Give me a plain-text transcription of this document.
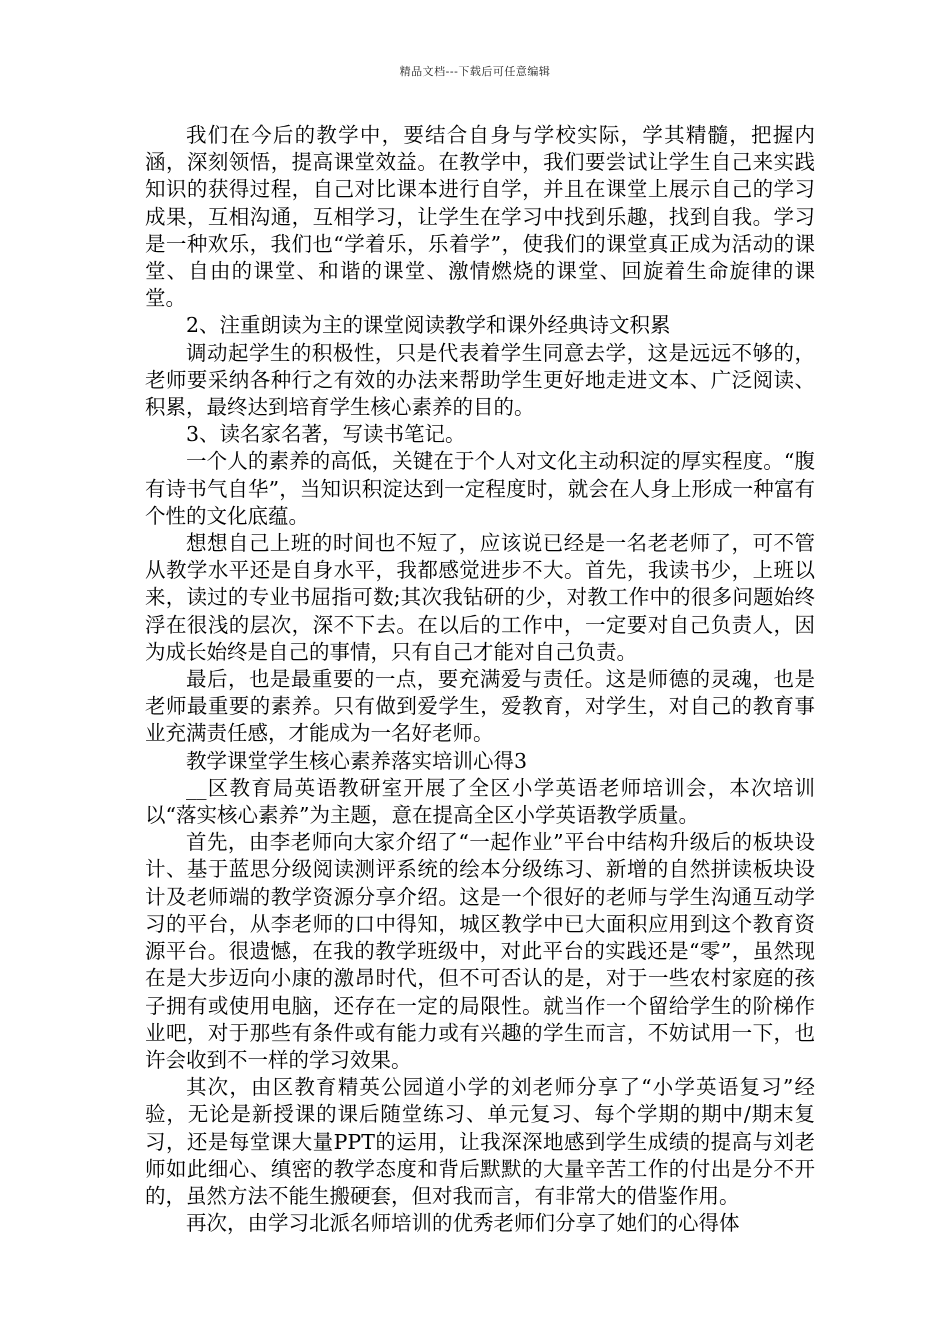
精品文档---下载后可任意编辑

我们在今后的教学中，要结合自身与学校实际，学其精髓，把握内涵，深刻领悟，提高课堂效益。在教学中，我们要尝试让学生自己来实践知识的获得过程，自己对比课本进行自学，并且在课堂上展示自己的学习成果，互相沟通，互相学习，让学生在学习中找到乐趣，找到自我。学习是一种欢乐，我们也“学着乐，乐着学”，使我们的课堂真正成为活动的课堂、自由的课堂、和谐的课堂、激情燃烧的课堂、回旋着生命旋律的课堂。

2、注重朗读为主的课堂阅读教学和课外经典诗文积累

调动起学生的积极性，只是代表着学生同意去学，这是远远不够的，老师要采纳各种行之有效的办法来帮助学生更好地走进文本、广泛阅读、积累，最终达到培育学生核心素养的目的。

3、读名家名著，写读书笔记。

一个人的素养的高低，关键在于个人对文化主动积淀的厚实程度。“腹有诗书气自华”，当知识积淀达到一定程度时，就会在人身上形成一种富有个性的文化底蕴。

想想自己上班的时间也不短了，应该说已经是一名老老师了，可不管从教学水平还是自身水平，我都感觉进步不大。首先，我读书少，上班以来，读过的专业书屈指可数;其次我钻研的少，对教工作中的很多问题始终浮在很浅的层次，深不下去。在以后的工作中，一定要对自己负责人，因为成长始终是自己的事情，只有自己才能对自己负责。

最后，也是最重要的一点，要充满爱与责任。这是师德的灵魂，也是老师最重要的素养。只有做到爱学生，爱教育，对学生，对自己的教育事业充满责任感，才能成为一名好老师。

教学课堂学生核心素养落实培训心得3

__区教育局英语教研室开展了全区小学英语老师培训会，本次培训以“落实核心素养”为主题，意在提高全区小学英语教学质量。

首先，由李老师向大家介绍了“一起作业”平台中结构升级后的板块设计、基于蓝思分级阅读测评系统的绘本分级练习、新增的自然拼读板块设计及老师端的教学资源分享介绍。这是一个很好的老师与学生沟通互动学习的平台，从李老师的口中得知，城区教学中已大面积应用到这个教育资源平台。很遗憾，在我的教学班级中，对此平台的实践还是“零”，虽然现在是大步迈向小康的激昂时代，但不可否认的是，对于一些农村家庭的孩子拥有或使用电脑，还存在一定的局限性。就当作一个留给学生的阶梯作业吧，对于那些有条件或有能力或有兴趣的学生而言，不妨试用一下，也许会收到不一样的学习效果。

其次，由区教育精英公园道小学的刘老师分享了“小学英语复习”经验，无论是新授课的课后随堂练习、单元复习、每个学期的期中/期末复习，还是每堂课大量PPT的运用，让我深深地感到学生成绩的提高与刘老师如此细心、缜密的教学态度和背后默默的大量辛苦工作的付出是分不开的，虽然方法不能生搬硬套，但对我而言，有非常大的借鉴作用。

再次，由学习北派名师培训的优秀老师们分享了她们的心得体
